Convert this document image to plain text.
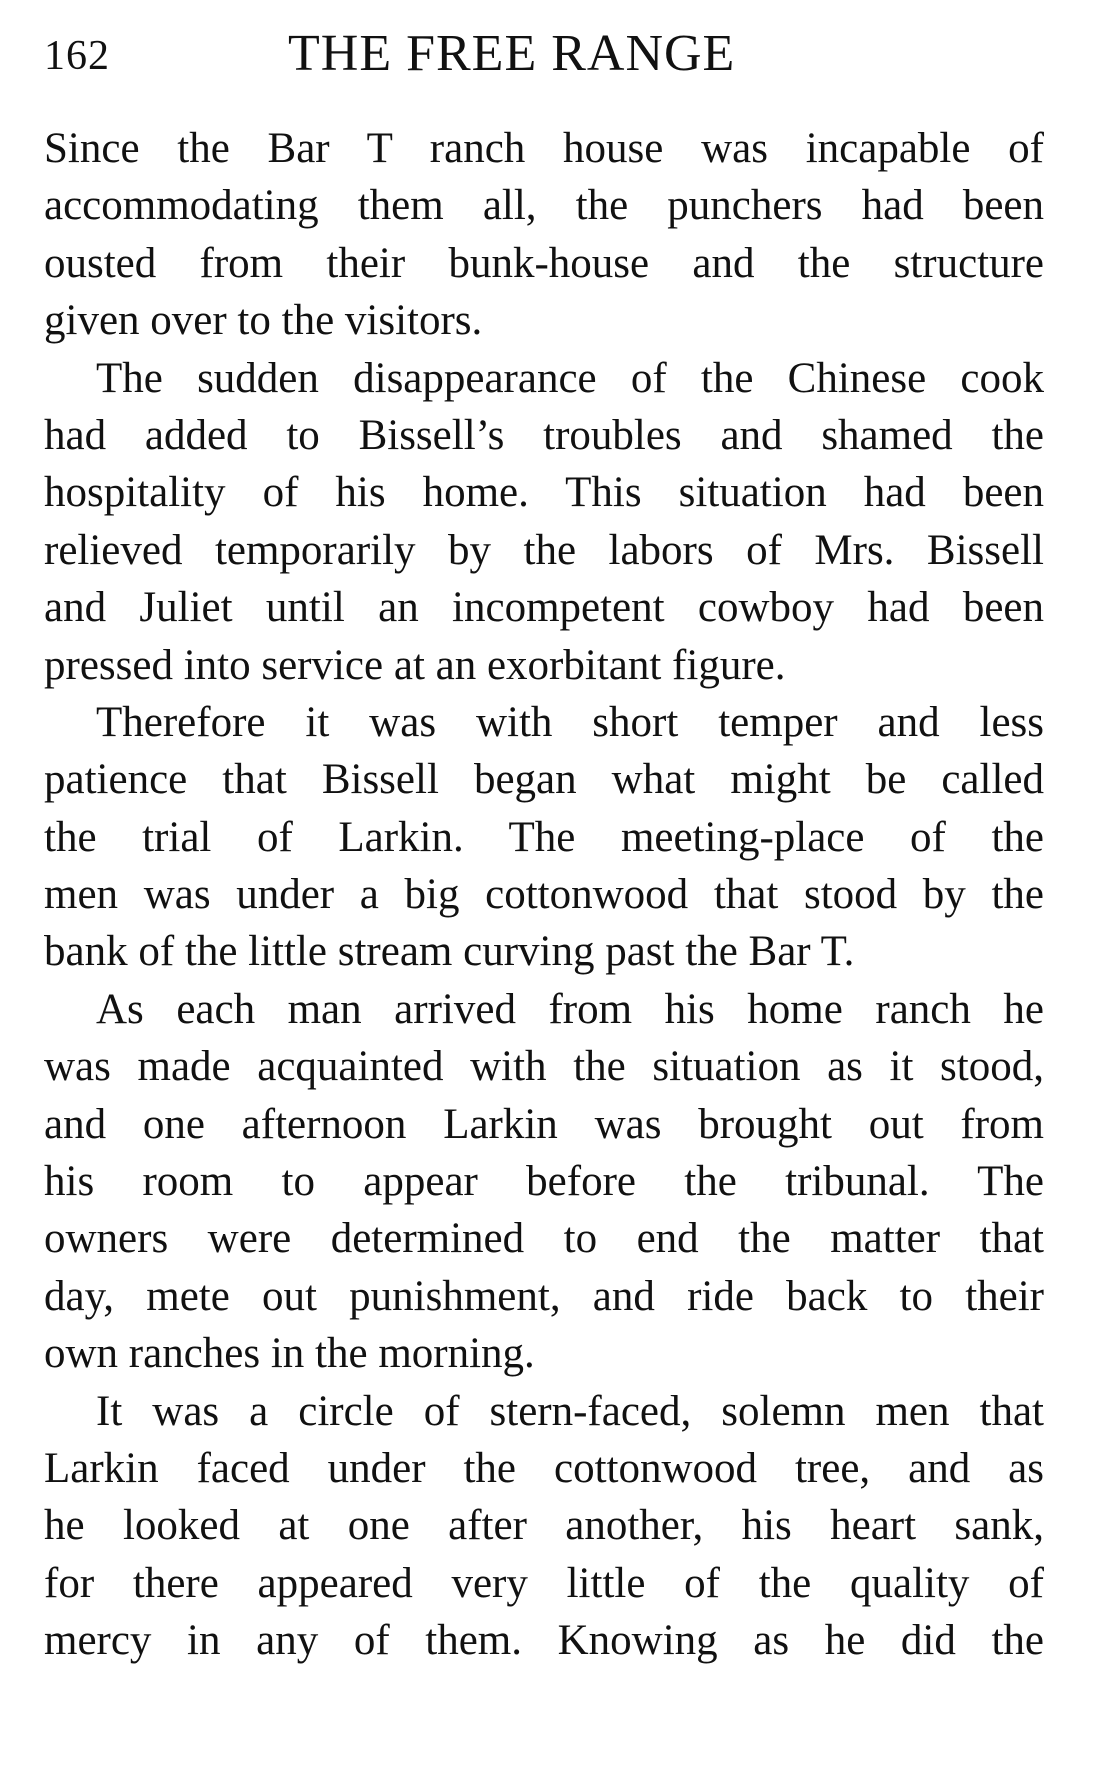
162	THE FREE RANGE
Since the Bar T ranch house was incapable of
accommodating them all, the punchers had been
ousted from their bunk-house and the structure
given over to the visitors.
The sudden disappearance of the Chinese cook
had added to Bissell’s troubles and shamed the
hospitality of his home. This situation had been
relieved temporarily by the labors of Mrs. Bissell
and Juliet until an incompetent cowboy had been
pressed into service at an exorbitant figure.
Therefore it was with short temper and less
patience that Bissell began what might be called
the trial of Larkin. The meeting-place of the
men was under a big cottonwood that stood by the
bank of the little stream curving past the Bar T.
As each man arrived from his home ranch he
was made acquainted with the situation as it stood,
and one afternoon Larkin was brought out from
his room to appear before the tribunal. The
owners were determined to end the matter that
day, mete out punishment, and ride back to their
own ranches in the morning.
It was a circle of stern-faced, solemn men that
Larkin faced under the cottonwood tree, and as
he looked at one after another, his heart sank,
for there appeared very little of the quality of
mercy in any of them. Knowing as he did the
